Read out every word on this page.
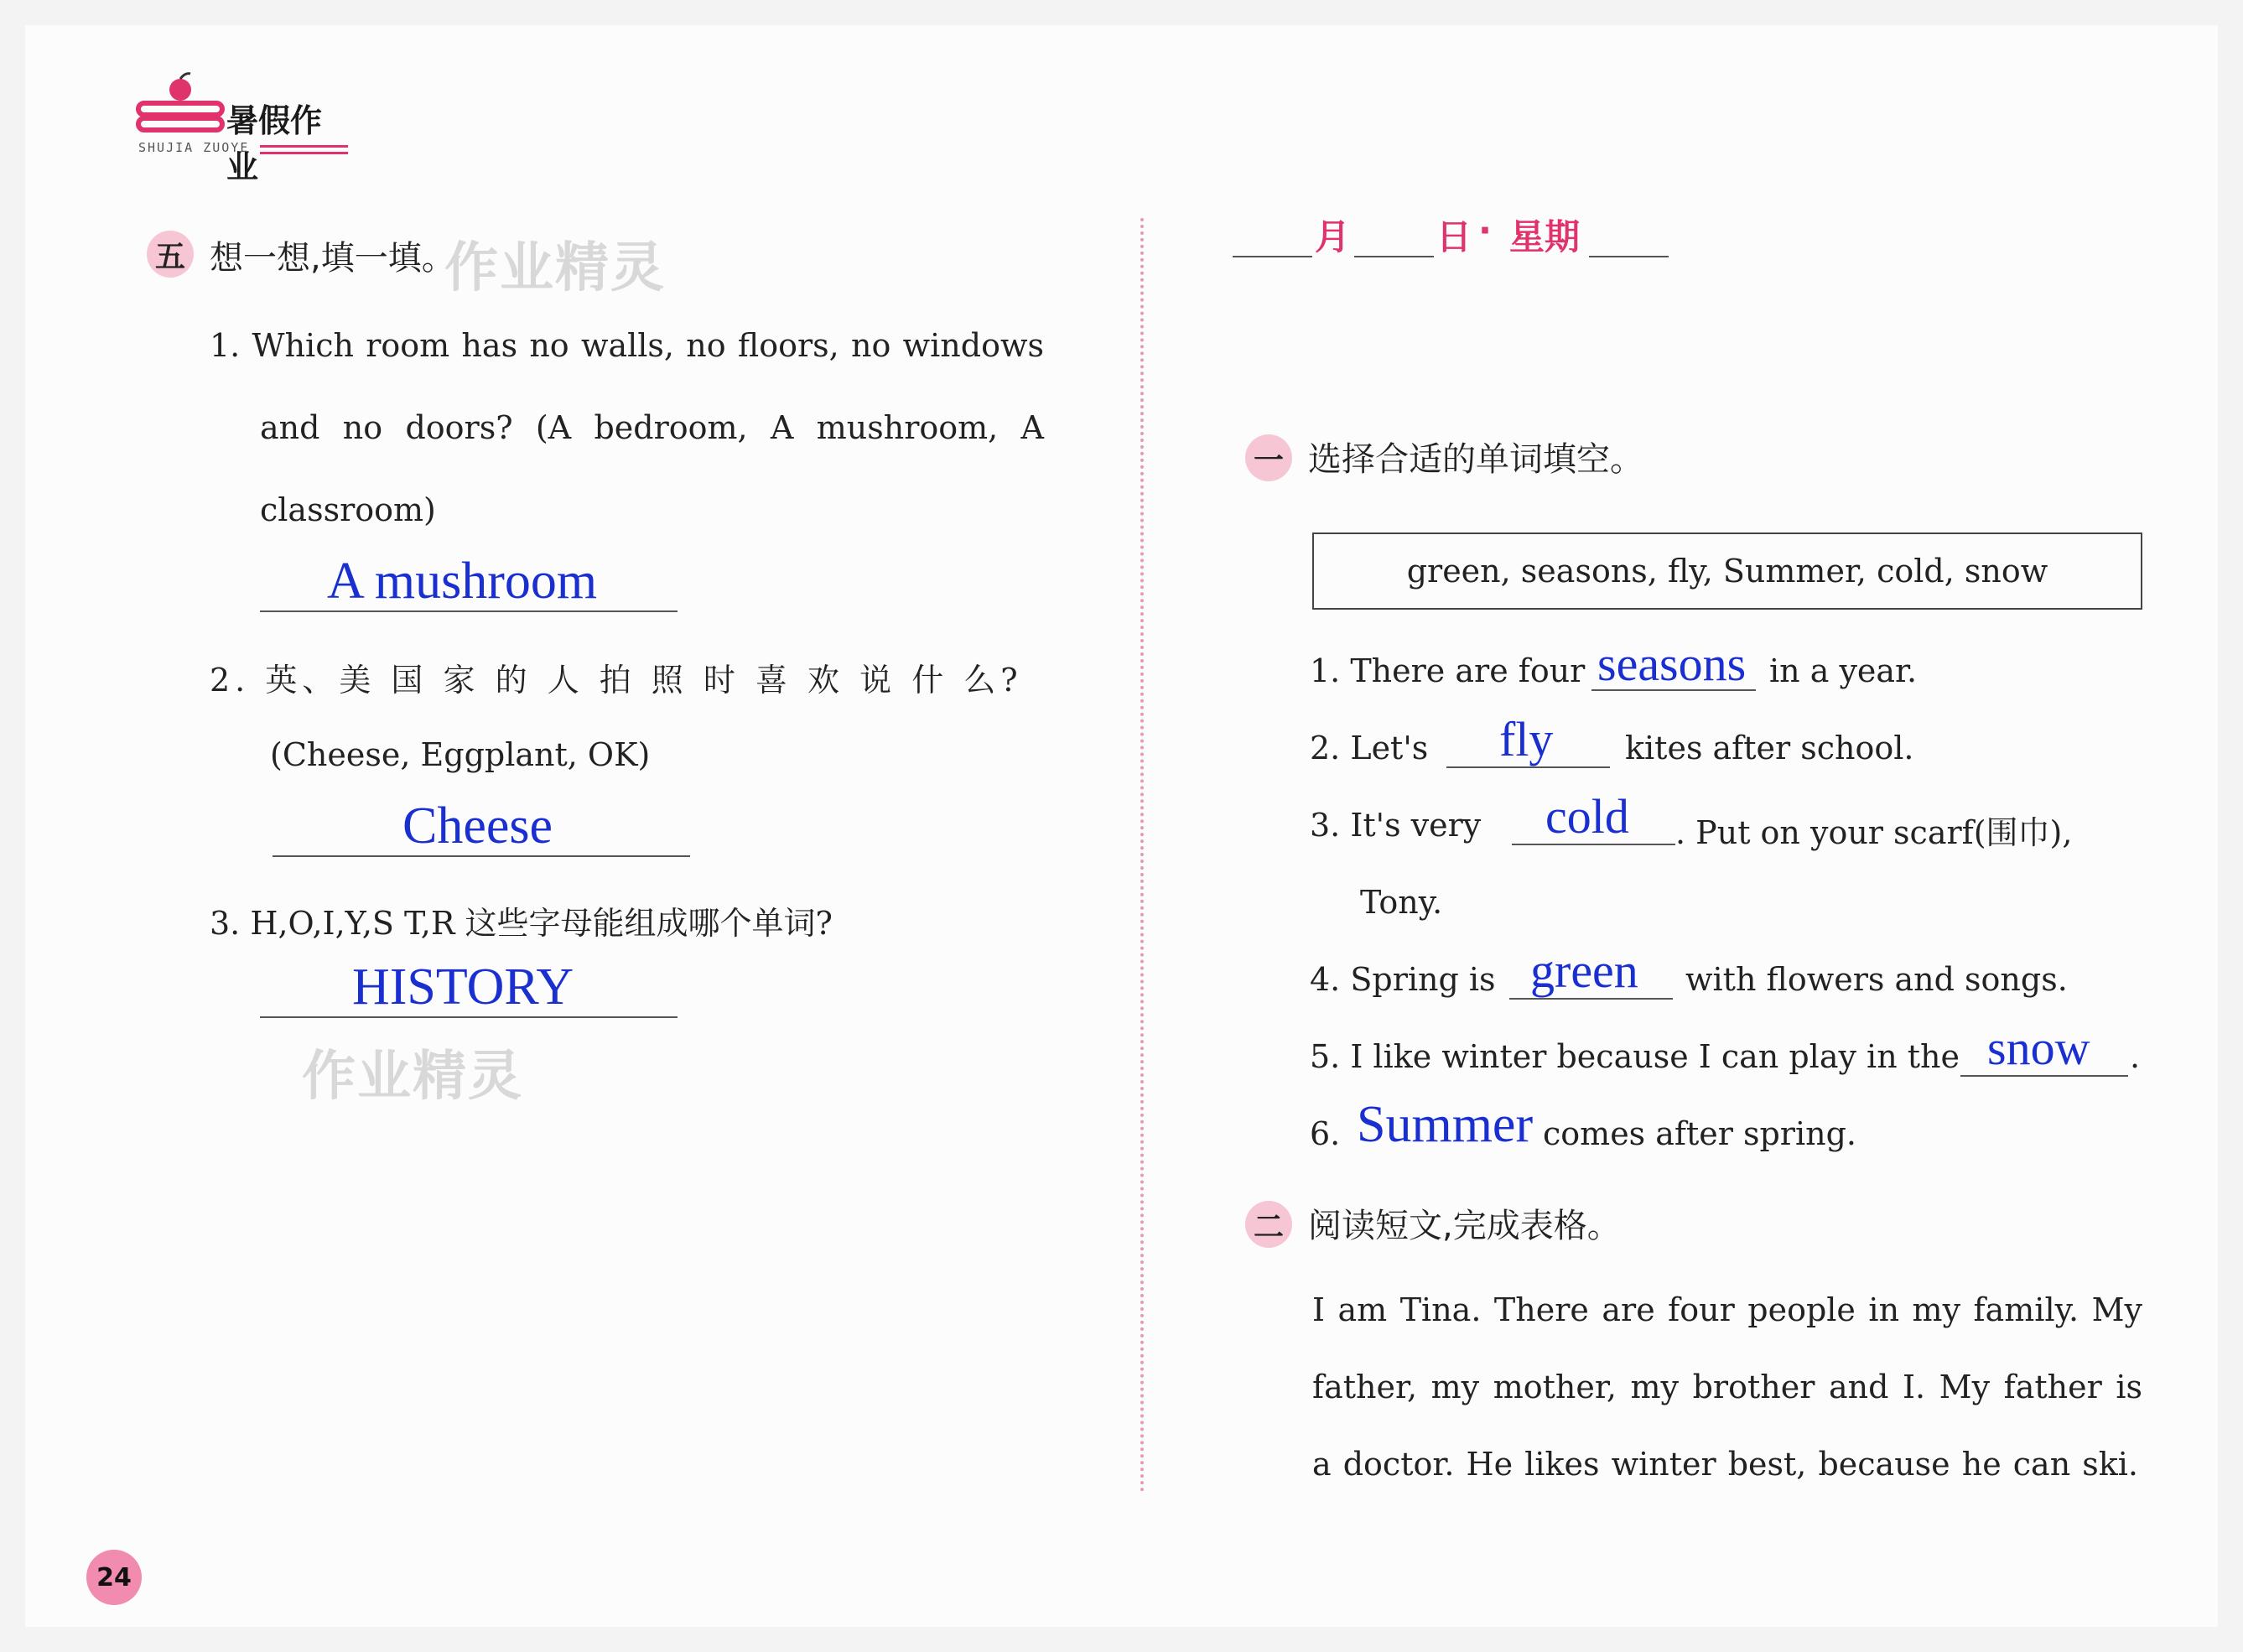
暑假作业
SHUJIA ZUOYE
五 想一想,填一填。
作业精灵
1. Which room has no walls, no floors, no windows
and no doors? (A bedroom, A mushroom, A
classroom)
A mushroom
2. 英、美 国 家 的 人 拍 照 时 喜 欢 说 什 么?
(Cheese, Eggplant, OK)
Cheese
3. H,O,I,Y,S T,R 这些字母能组成哪个单词?
HISTORY
作业精灵
月 日 · 星期
一 选择合适的单词填空。
green, seasons, fly, Summer, cold, snow
1. There are four seasons in a year.
2. Let's fly kites after school.
3. It's very cold . Put on your scarf(围巾),
Tony.
4. Spring is green with flowers and songs.
5. I like winter because I can play in the snow .
6. Summer comes after spring.
二 阅读短文,完成表格。
I am Tina. There are four people in my family. My
father, my mother, my brother and I. My father is
a doctor. He likes winter best, because he can ski.
24
